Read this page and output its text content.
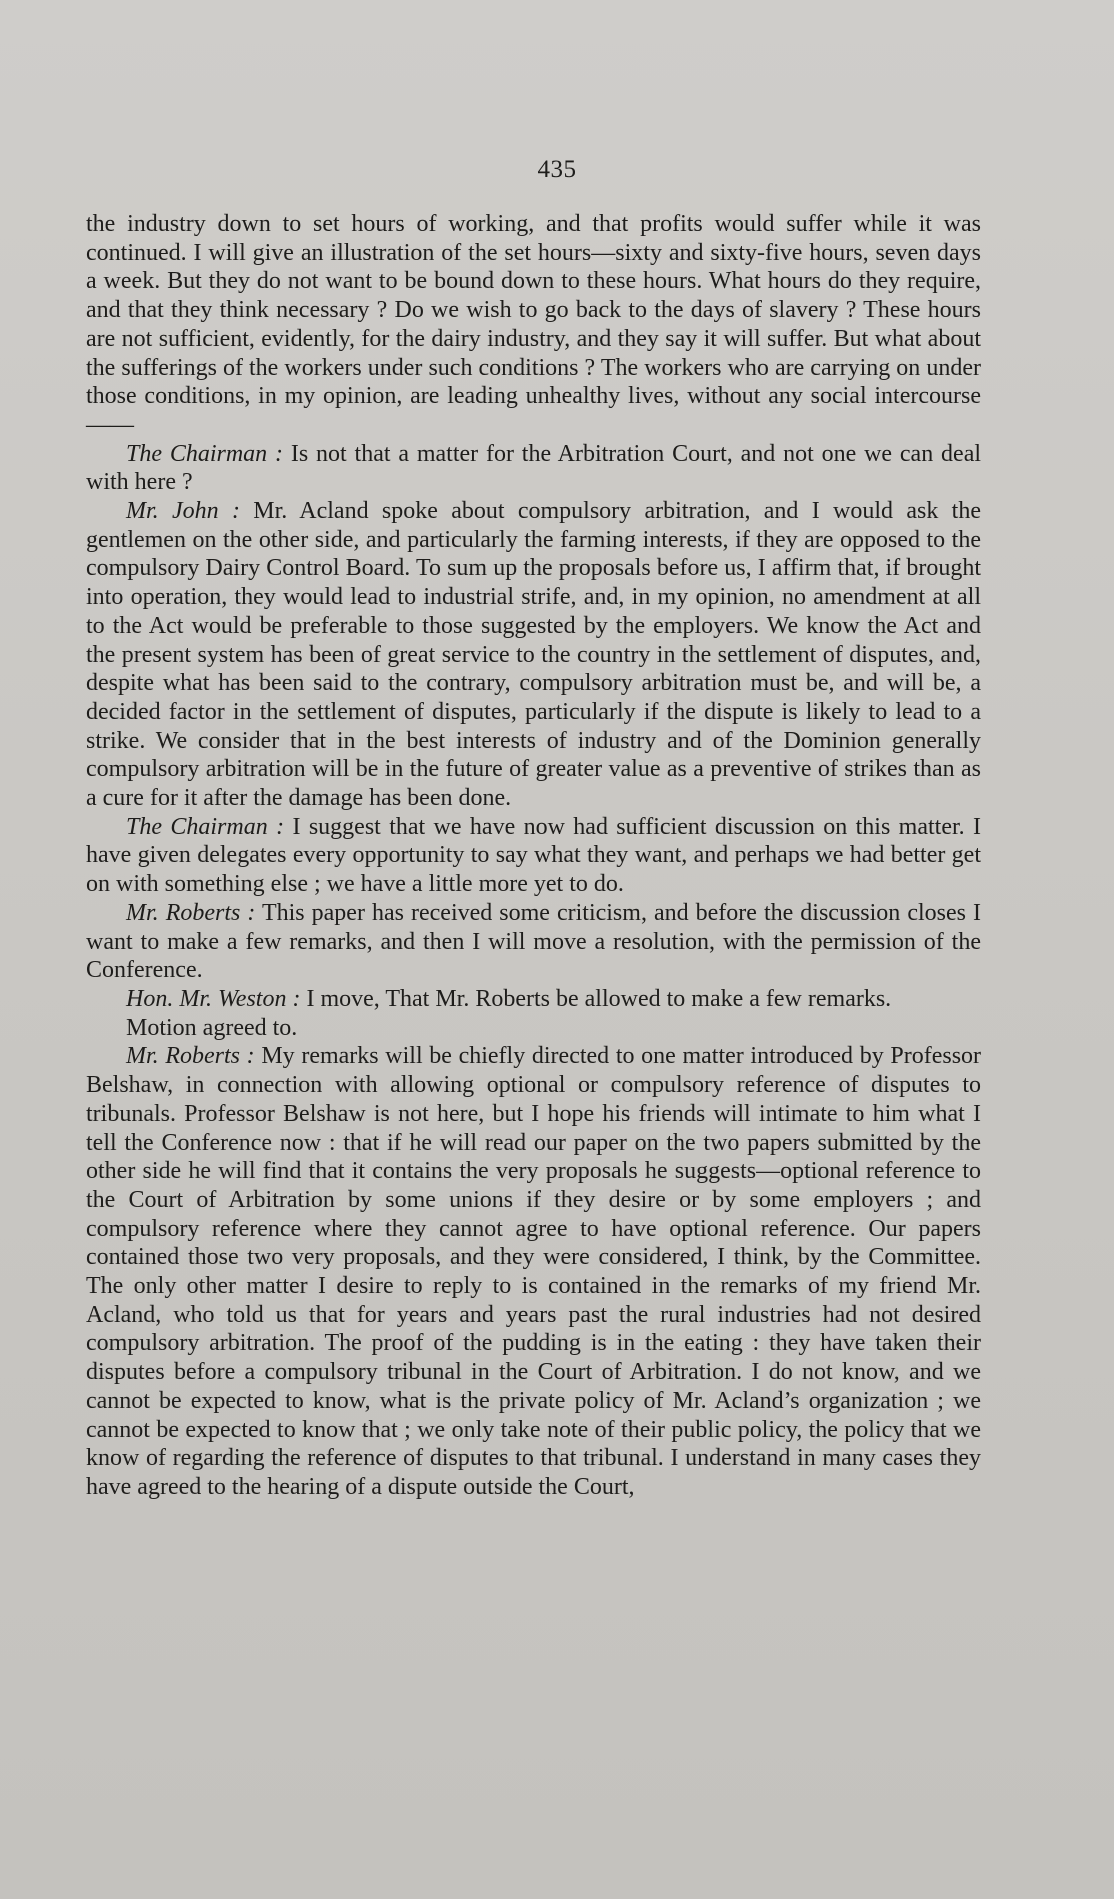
435

the industry down to set hours of working, and that profits would suffer while it was continued. I will give an illustration of the set hours—sixty and sixty-five hours, seven days a week. But they do not want to be bound down to these hours. What hours do they require, and that they think necessary ? Do we wish to go back to the days of slavery ? These hours are not sufficient, evidently, for the dairy industry, and they say it will suffer. But what about the sufferings of the workers under such conditions ? The workers who are carrying on under those conditions, in my opinion, are leading unhealthy lives, without any social intercourse——

The Chairman : Is not that a matter for the Arbitration Court, and not one we can deal with here ?

Mr. John : Mr. Acland spoke about compulsory arbitration, and I would ask the gentlemen on the other side, and particularly the farming interests, if they are opposed to the compulsory Dairy Control Board. To sum up the proposals before us, I affirm that, if brought into operation, they would lead to industrial strife, and, in my opinion, no amendment at all to the Act would be preferable to those suggested by the employers. We know the Act and the present system has been of great service to the country in the settlement of disputes, and, despite what has been said to the contrary, compulsory arbitration must be, and will be, a decided factor in the settlement of disputes, particularly if the dispute is likely to lead to a strike. We consider that in the best interests of industry and of the Dominion generally compulsory arbitration will be in the future of greater value as a preventive of strikes than as a cure for it after the damage has been done.

The Chairman : I suggest that we have now had sufficient discussion on this matter. I have given delegates every opportunity to say what they want, and perhaps we had better get on with something else ; we have a little more yet to do.

Mr. Roberts : This paper has received some criticism, and before the discussion closes I want to make a few remarks, and then I will move a resolution, with the permission of the Conference.

Hon. Mr. Weston : I move, That Mr. Roberts be allowed to make a few remarks.

Motion agreed to.

Mr. Roberts : My remarks will be chiefly directed to one matter introduced by Professor Belshaw, in connection with allowing optional or compulsory reference of disputes to tribunals. Professor Belshaw is not here, but I hope his friends will intimate to him what I tell the Conference now : that if he will read our paper on the two papers submitted by the other side he will find that it contains the very proposals he suggests—optional reference to the Court of Arbitration by some unions if they desire or by some employers ; and compulsory reference where they cannot agree to have optional reference. Our papers contained those two very proposals, and they were considered, I think, by the Committee. The only other matter I desire to reply to is contained in the remarks of my friend Mr. Acland, who told us that for years and years past the rural industries had not desired compulsory arbitration. The proof of the pudding is in the eating : they have taken their disputes before a compulsory tribunal in the Court of Arbitration. I do not know, and we cannot be expected to know, what is the private policy of Mr. Acland’s organization ; we cannot be expected to know that ; we only take note of their public policy, the policy that we know of regarding the reference of disputes to that tribunal. I understand in many cases they have agreed to the hearing of a dispute outside the Court,
